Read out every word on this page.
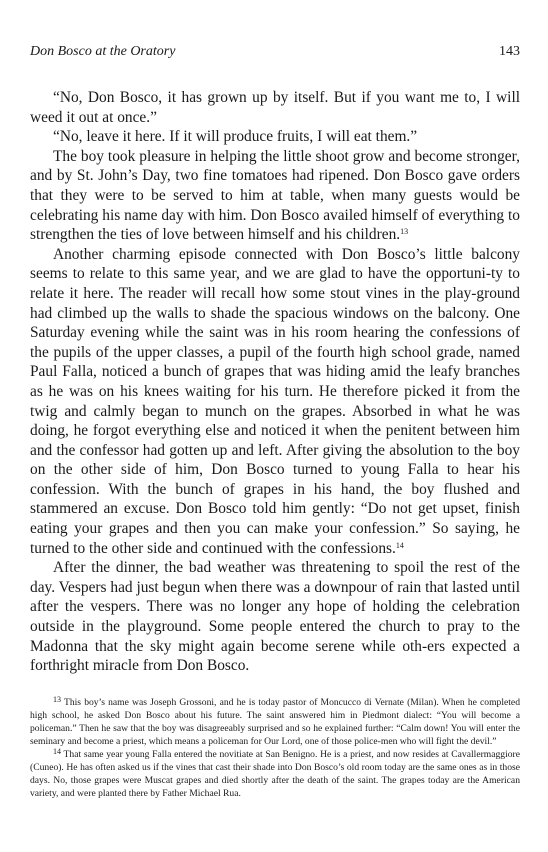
Don Bosco at the Oratory	143

“No, Don Bosco, it has grown up by itself. But if you want me to, I will weed it out at once.”

“No, leave it here. If it will produce fruits, I will eat them.”

The boy took pleasure in helping the little shoot grow and become stronger, and by St. John’s Day, two fine tomatoes had ripened. Don Bosco gave orders that they were to be served to him at table, when many guests would be celebrating his name day with him. Don Bosco availed himself of everything to strengthen the ties of love between himself and his children.$^{13}$

Another charming episode connected with Don Bosco’s little balcony seems to relate to this same year, and we are glad to have the opportuni-ty to relate it here. The reader will recall how some stout vines in the play-ground had climbed up the walls to shade the spacious windows on the balcony. One Saturday evening while the saint was in his room hearing the confessions of the pupils of the upper classes, a pupil of the fourth high school grade, named Paul Falla, noticed a bunch of grapes that was hiding amid the leafy branches as he was on his knees waiting for his turn. He therefore picked it from the twig and calmly began to munch on the grapes. Absorbed in what he was doing, he forgot everything else and noticed it when the penitent between him and the confessor had gotten up and left. After giving the absolution to the boy on the other side of him, Don Bosco turned to young Falla to hear his confession. With the bunch of grapes in his hand, the boy flushed and stammered an excuse. Don Bosco told him gently: “Do not get upset, finish eating your grapes and then you can make your confession.” So saying, he turned to the other side and continued with the confessions.$^{14}$

After the dinner, the bad weather was threatening to spoil the rest of the day. Vespers had just begun when there was a downpour of rain that lasted until after the vespers. There was no longer any hope of holding the celebration outside in the playground. Some people entered the church to pray to the Madonna that the sky might again become serene while oth-ers expected a forthright miracle from Don Bosco.

$^{13}$ This boy’s name was Joseph Grossoni, and he is today pastor of Moncucco di Vernate (Milan). When he completed high school, he asked Don Bosco about his future. The saint answered him in Piedmont dialect: “You will become a policeman.” Then he saw that the boy was disagreeably surprised and so he explained further: “Calm down! You will enter the seminary and become a priest, which means a policeman for Our Lord, one of those police-men who will fight the devil.”

$^{14}$ That same year young Falla entered the novitiate at San Benigno. He is a priest, and now resides at Cavallermaggiore (Cuneo). He has often asked us if the vines that cast their shade into Don Bosco’s old room today are the same ones as in those days. No, those grapes were Muscat grapes and died shortly after the death of the saint. The grapes today are the American variety, and were planted there by Father Michael Rua.
